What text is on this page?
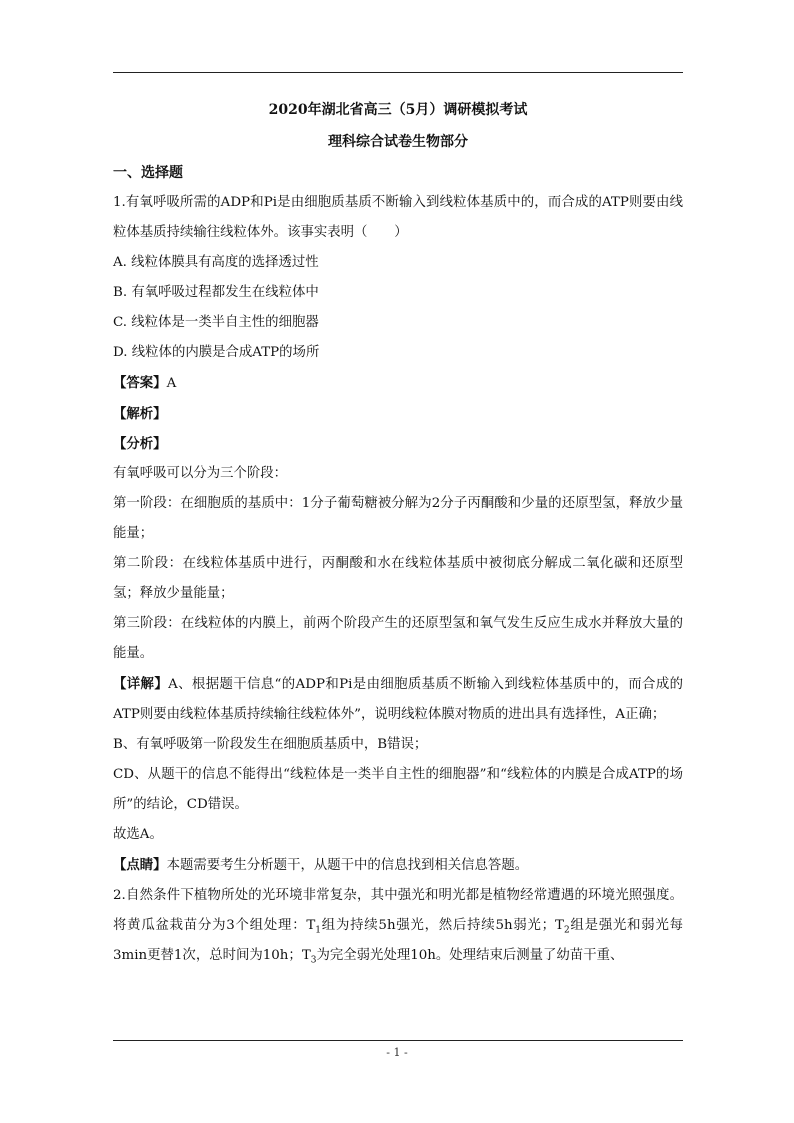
2020年湖北省高三（5月）调研模拟考试
理科综合试卷生物部分
一、选择题

1.有氧呼吸所需的ADP和Pi是由细胞质基质不断输入到线粒体基质中的，而合成的ATP则要由线粒体基质持续输往线粒体外。该事实表明（　　）

A. 线粒体膜具有高度的选择透过性

B. 有氧呼吸过程都发生在线粒体中

C. 线粒体是一类半自主性的细胞器

D. 线粒体的内膜是合成ATP的场所

【答案】A

【解析】

【分析】

有氧呼吸可以分为三个阶段：

第一阶段：在细胞质的基质中：1分子葡萄糖被分解为2分子丙酮酸和少量的还原型氢，释放少量能量；

第二阶段：在线粒体基质中进行，丙酮酸和水在线粒体基质中被彻底分解成二氧化碳和还原型氢；释放少量能量；

第三阶段：在线粒体的内膜上，前两个阶段产生的还原型氢和氧气发生反应生成水并释放大量的能量。

【详解】A、根据题干信息“的ADP和Pi是由细胞质基质不断输入到线粒体基质中的，而合成的ATP则要由线粒体基质持续输往线粒体外”，说明线粒体膜对物质的进出具有选择性，A正确；

B、有氧呼吸第一阶段发生在细胞质基质中，B错误；

CD、从题干的信息不能得出“线粒体是一类半自主性的细胞器”和“线粒体的内膜是合成ATP的场所”的结论，CD错误。

故选A。

【点睛】本题需要考生分析题干，从题干中的信息找到相关信息答题。

2.自然条件下植物所处的光环境非常复杂，其中强光和明光都是植物经常遭遇的环境光照强度。将黄瓜盆栽苗分为3个组处理：$T_1$组为持续5h强光，然后持续5h弱光；$T_2$组是强光和弱光每3min更替1次，总时间为10h；$T_3$为完全弱光处理10h。处理结束后测量了幼苗干重、

- 1 -
